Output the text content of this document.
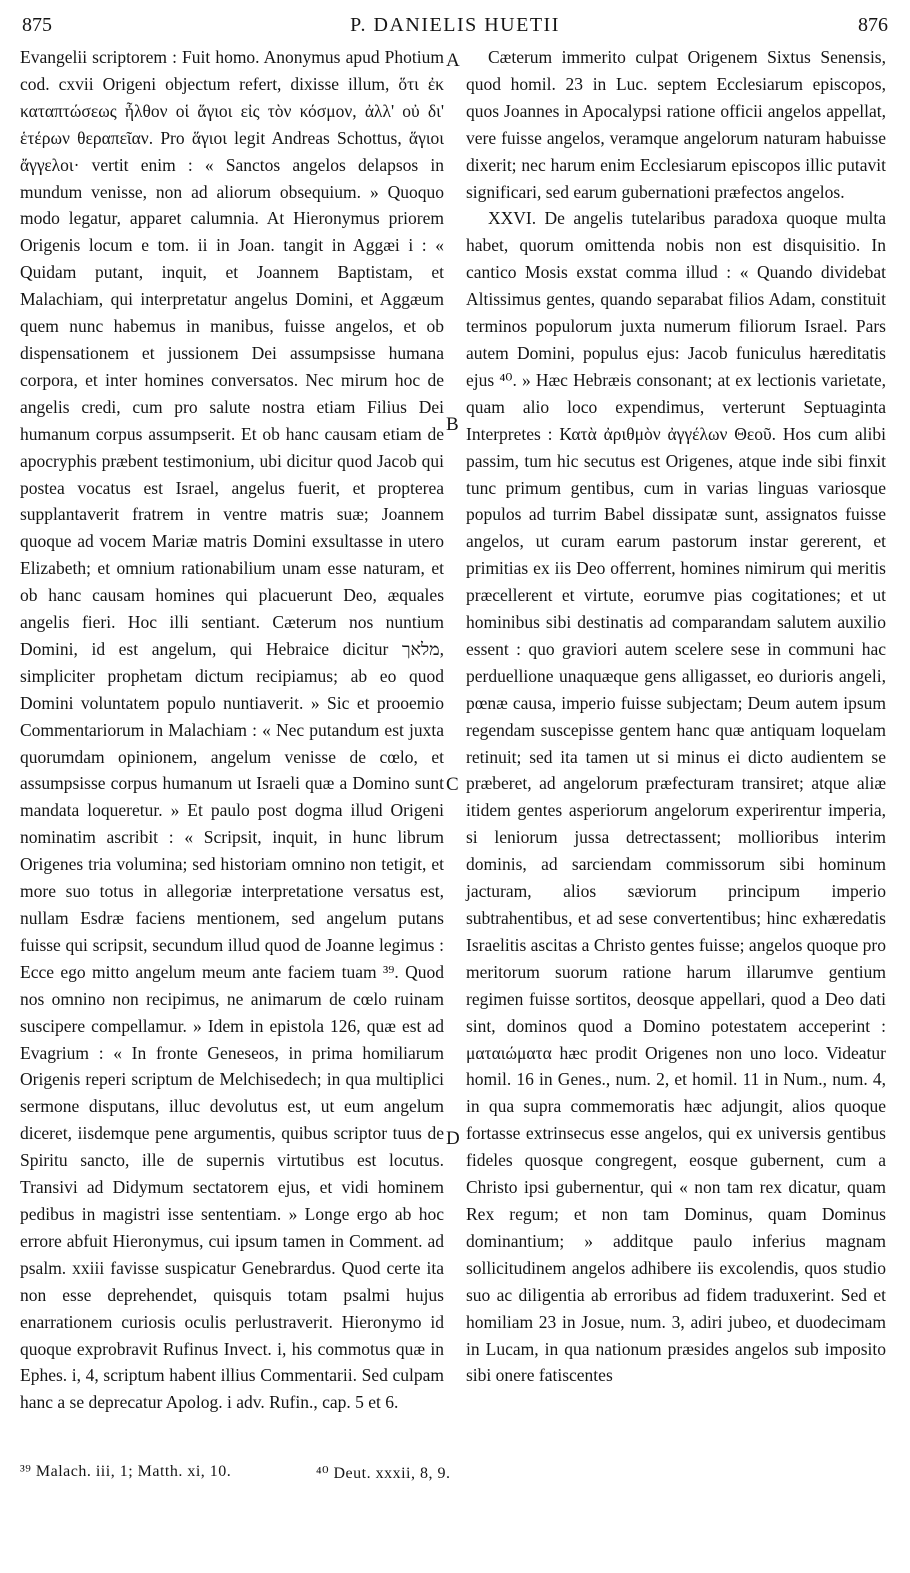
875	P. DANIELIS HUETII	876

Evangelii scriptorem : Fuit homo. Anonymus apud Photium cod. cxvii Origeni objectum refert, dixisse illum, ὅτι ἐκ καταπτώσεως ἦλθον οἱ ἅγιοι εἰς τὸν κόσμον, ἀλλ' οὐ δι' ἑτέρων θεραπεῖαν. Pro ἅγιοι legit Andreas Schottus, ἅγιοι ἄγγελοι· vertit enim : « Sanctos angelos delapsos in mundum venisse, non ad aliorum obsequium. » Quoquo modo legatur, apparet calumnia. At Hieronymus priorem Origenis locum e tom. ii in Joan. tangit in Aggæi i : « Quidam putant, inquit, et Joannem Baptistam, et Malachiam, qui interpretatur angelus Domini, et Aggæum quem nunc habemus in manibus, fuisse angelos, et ob dispensationem et jussionem Dei assumpsisse humana corpora, et inter homines conversatos. Nec mirum hoc de angelis credi, cum pro salute nostra etiam Filius Dei humanum corpus assumpserit. Et ob hanc causam etiam de apocryphis præbent testimonium, ubi dicitur quod Jacob qui postea vocatus est Israel, angelus fuerit, et propterea supplantaverit fratrem in ventre matris suæ; Joannem quoque ad vocem Mariæ matris Domini exsultasse in utero Elizabeth; et omnium rationabilium unam esse naturam, et ob hanc causam homines qui placuerunt Deo, æquales angelis fieri. Hoc illi sentiant. Cæterum nos nuntium Domini, id est angelum, qui Hebraice dicitur מלאך, simpliciter prophetam dictum recipiamus; ab eo quod Domini voluntatem populo nuntiaverit. » Sic et prooemio Commentariorum in Malachiam : « Nec putandum est juxta quorumdam opinionem, angelum venisse de cœlo, et assumpsisse corpus humanum ut Israeli quæ a Domino sunt mandata loqueretur. » Et paulo post dogma illud Origeni nominatim ascribit : « Scripsit, inquit, in hunc librum Origenes tria volumina; sed historiam omnino non tetigit, et more suo totus in allegoriæ interpretatione versatus est, nullam Esdræ faciens mentionem, sed angelum putans fuisse qui scripsit, secundum illud quod de Joanne legimus : Ecce ego mitto angelum meum ante faciem tuam ³⁹. Quod nos omnino non recipimus, ne animarum de cœlo ruinam suscipere compellamur. » Idem in epistola 126, quæ est ad Evagrium : « In fronte Geneseos, in prima homiliarum Origenis reperi scriptum de Melchisedech; in qua multiplici sermone disputans, illuc devolutus est, ut eum angelum diceret, iisdemque pene argumentis, quibus scriptor tuus de Spiritu sancto, ille de supernis virtutibus est locutus. Transivi ad Didymum sectatorem ejus, et vidi hominem pedibus in magistri isse sententiam. » Longe ergo ab hoc errore abfuit Hieronymus, cui ipsum tamen in Comment. ad psalm. xxiii favisse suspicatur Genebrardus. Quod certe ita non esse deprehendet, quisquis totam psalmi hujus enarrationem curiosis oculis perlustraverit. Hieronymo id quoque exprobravit Rufinus Invect. i, his commotus quæ in Ephes. i, 4, scriptum habent illius Commentarii. Sed culpam hanc a se deprecatur Apolog. i adv. Rufin., cap. 5 et 6.

A
B
C
D

Cæterum immerito culpat Origenem Sixtus Senensis, quod homil. 23 in Luc. septem Ecclesiarum episcopos, quos Joannes in Apocalypsi ratione officii angelos appellat, vere fuisse angelos, veramque angelorum naturam habuisse dixerit; nec harum enim Ecclesiarum episcopos illic putavit significari, sed earum gubernationi præfectos angelos.

XXVI. De angelis tutelaribus paradoxa quoque multa habet, quorum omittenda nobis non est disquisitio. In cantico Mosis exstat comma illud : « Quando dividebat Altissimus gentes, quando separabat filios Adam, constituit terminos populorum juxta numerum filiorum Israel. Pars autem Domini, populus ejus: Jacob funiculus hæreditatis ejus ⁴⁰. » Hæc Hebræis consonant; at ex lectionis varietate, quam alio loco expendimus, verterunt Septuaginta Interpretes : Κατὰ ἀριθμὸν ἀγγέλων Θεοῦ. Hos cum alibi passim, tum hic secutus est Origenes, atque inde sibi finxit tunc primum gentibus, cum in varias linguas variosque populos ad turrim Babel dissipatæ sunt, assignatos fuisse angelos, ut curam earum pastorum instar gererent, et primitias ex iis Deo offerrent, homines nimirum qui meritis præcellerent et virtute, eorumve pias cogitationes; et ut hominibus sibi destinatis ad comparandam salutem auxilio essent : quo graviori autem scelere sese in communi hac perduellione unaquæque gens alligasset, eo durioris angeli, pœnæ causa, imperio fuisse subjectam; Deum autem ipsum regendam suscepisse gentem hanc quæ antiquam loquelam retinuit; sed ita tamen ut si minus ei dicto audientem se præberet, ad angelorum præfecturam transiret; atque aliæ itidem gentes asperiorum angelorum experirentur imperia, si leniorum jussa detrectassent; mollioribus interim dominis, ad sarciendam commissorum sibi hominum jacturam, alios sæviorum principum imperio subtrahentibus, et ad sese convertentibus; hinc exhæredatis Israelitis ascitas a Christo gentes fuisse; angelos quoque pro meritorum suorum ratione harum illarumve gentium regimen fuisse sortitos, deosque appellari, quod a Deo dati sint, dominos quod a Domino potestatem acceperint : ματαιώματα hæc prodit Origenes non uno loco. Videatur homil. 16 in Genes., num. 2, et homil. 11 in Num., num. 4, in qua supra commemoratis hæc adjungit, alios quoque fortasse extrinsecus esse angelos, qui ex universis gentibus fideles quosque congregent, eosque gubernent, cum a Christo ipsi gubernentur, qui « non tam rex dicatur, quam Rex regum; et non tam Dominus, quam Dominus dominantium; » additque paulo inferius magnam sollicitudinem angelos adhibere iis excolendis, quos studio suo ac diligentia ab erroribus ad fidem traduxerint. Sed et homiliam 23 in Josue, num. 3, adiri jubeo, et duodecimam in Lucam, in qua nationum præsides angelos sub imposito sibi onere fatiscentes

³⁹ Malach. iii, 1; Matth. xi, 10.	⁴⁰ Deut. xxxii, 8, 9.
